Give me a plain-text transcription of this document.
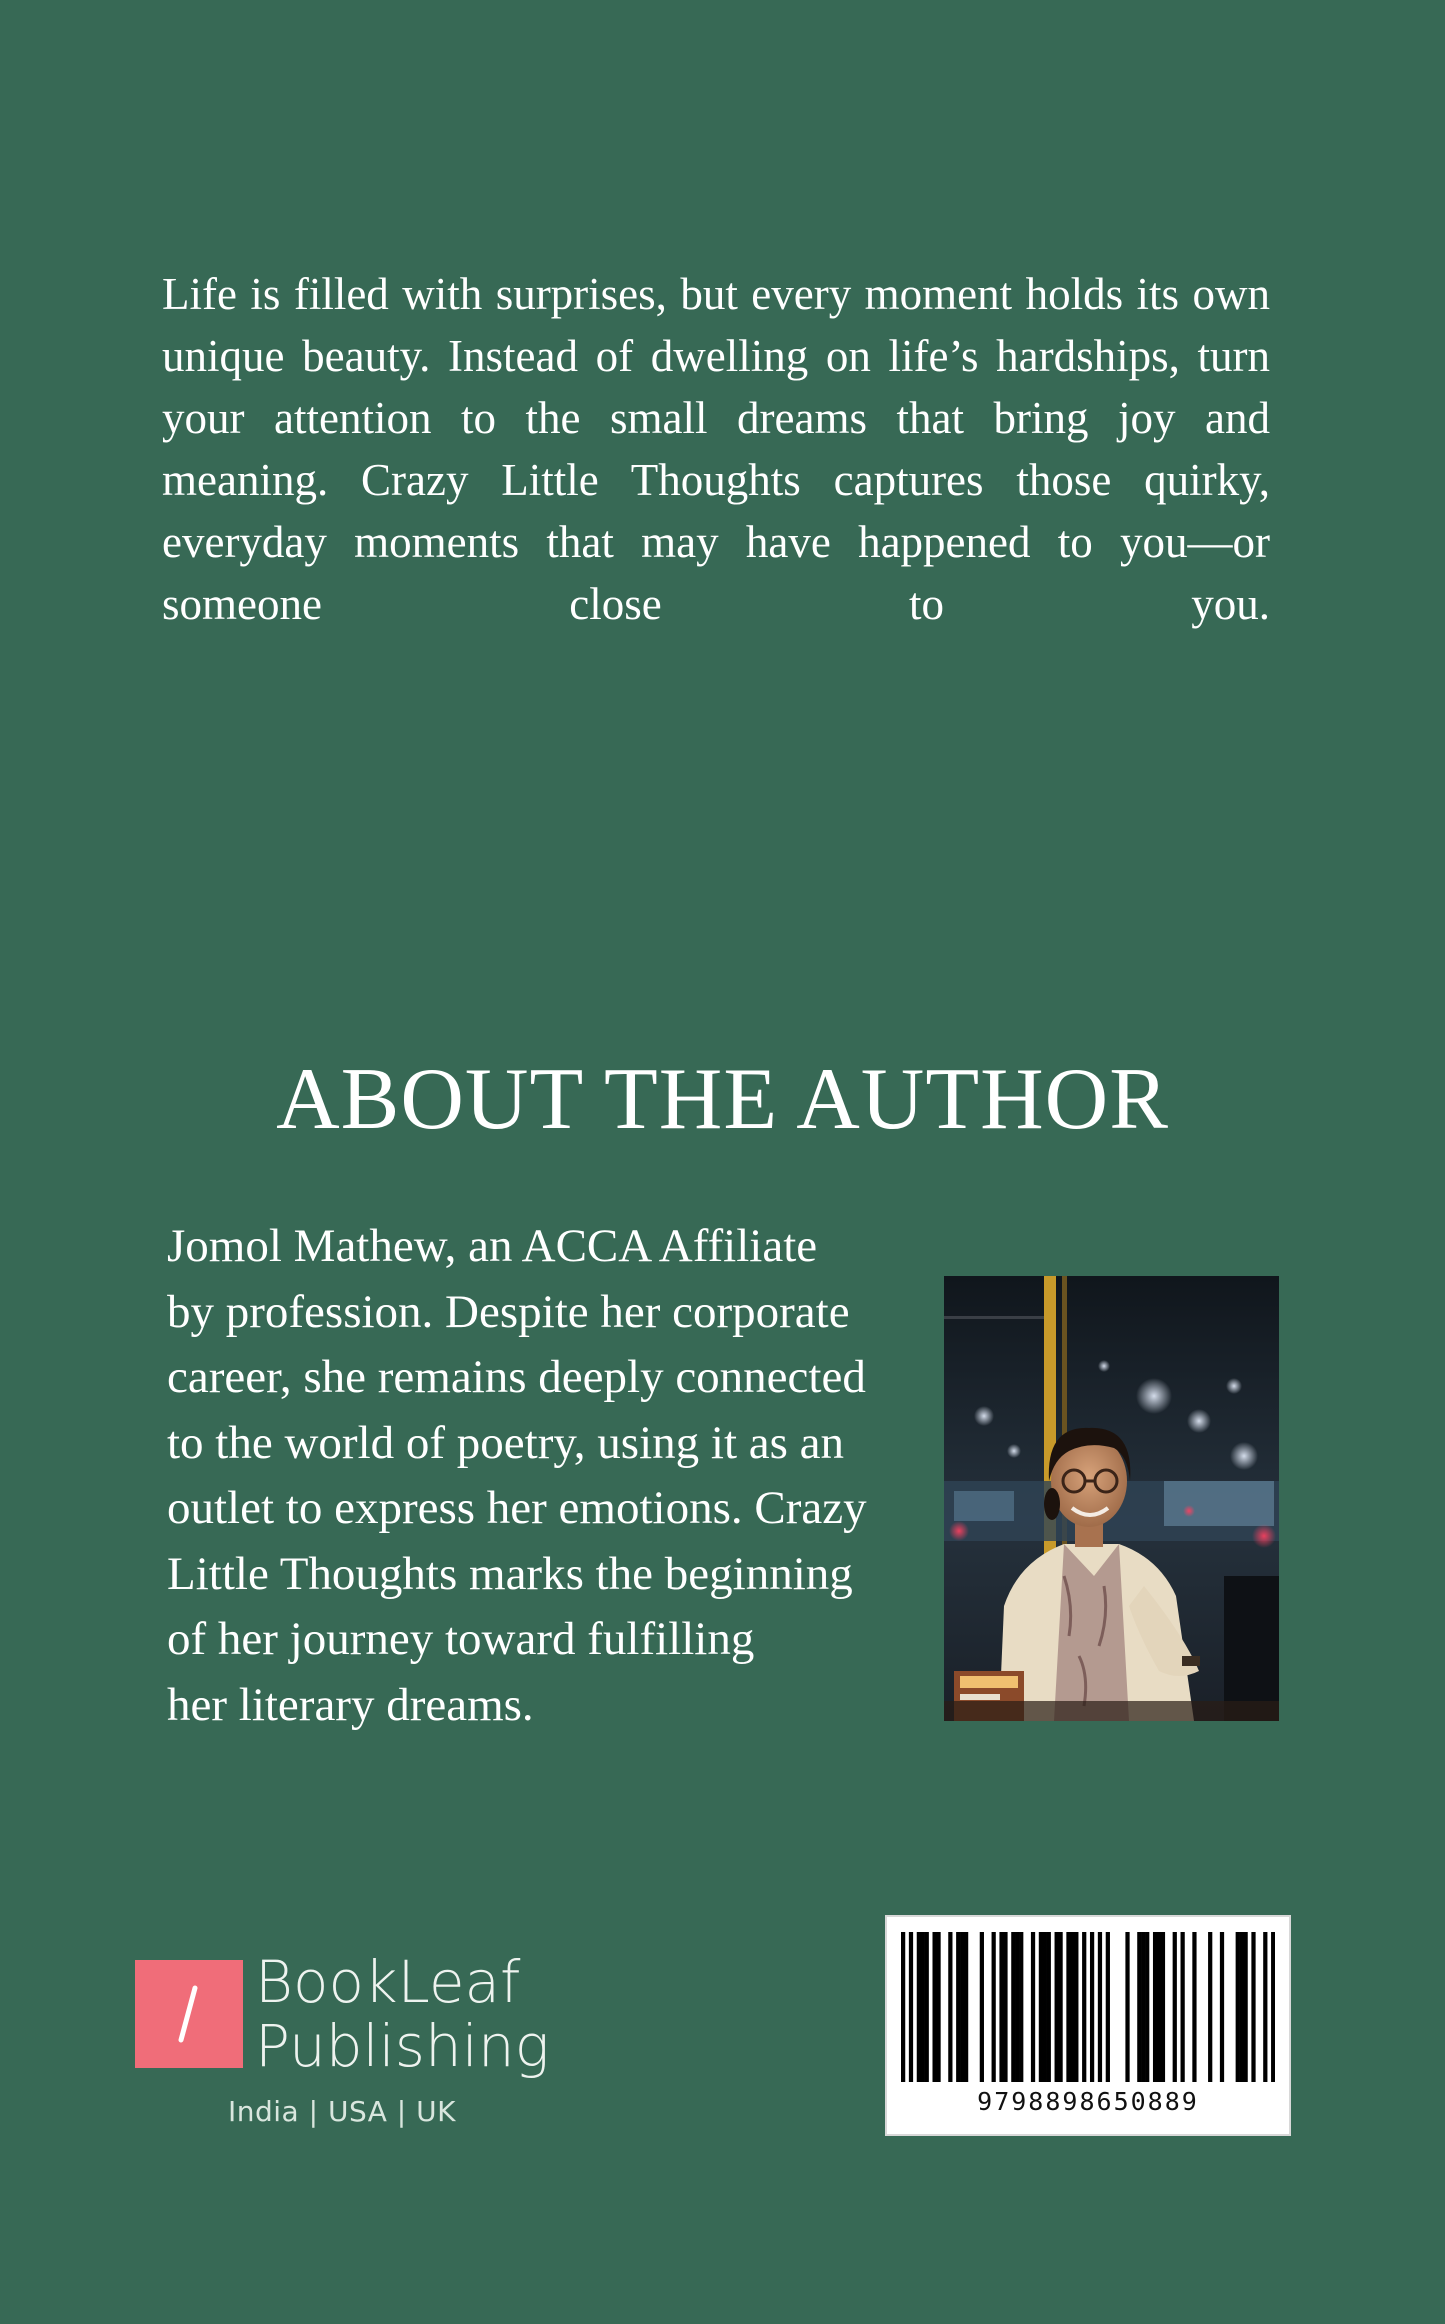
Life is filled with surprises, but every moment holds its own unique beauty. Instead of dwelling on life’s hardships, turn your attention to the small dreams that bring joy and meaning. Crazy Little Thoughts captures those quirky, everyday moments that may have happened to you—or someone close to you.

ABOUT THE AUTHOR

Jomol Mathew, an ACCA Affiliate
by profession. Despite her corporate
career, she remains deeply connected
to the world of poetry, using it as an
outlet to express her emotions. Crazy
Little Thoughts marks the beginning
of her journey toward fulfilling
her literary dreams.

BookLeaf
Publishing
India | USA | UK	9798898650889
